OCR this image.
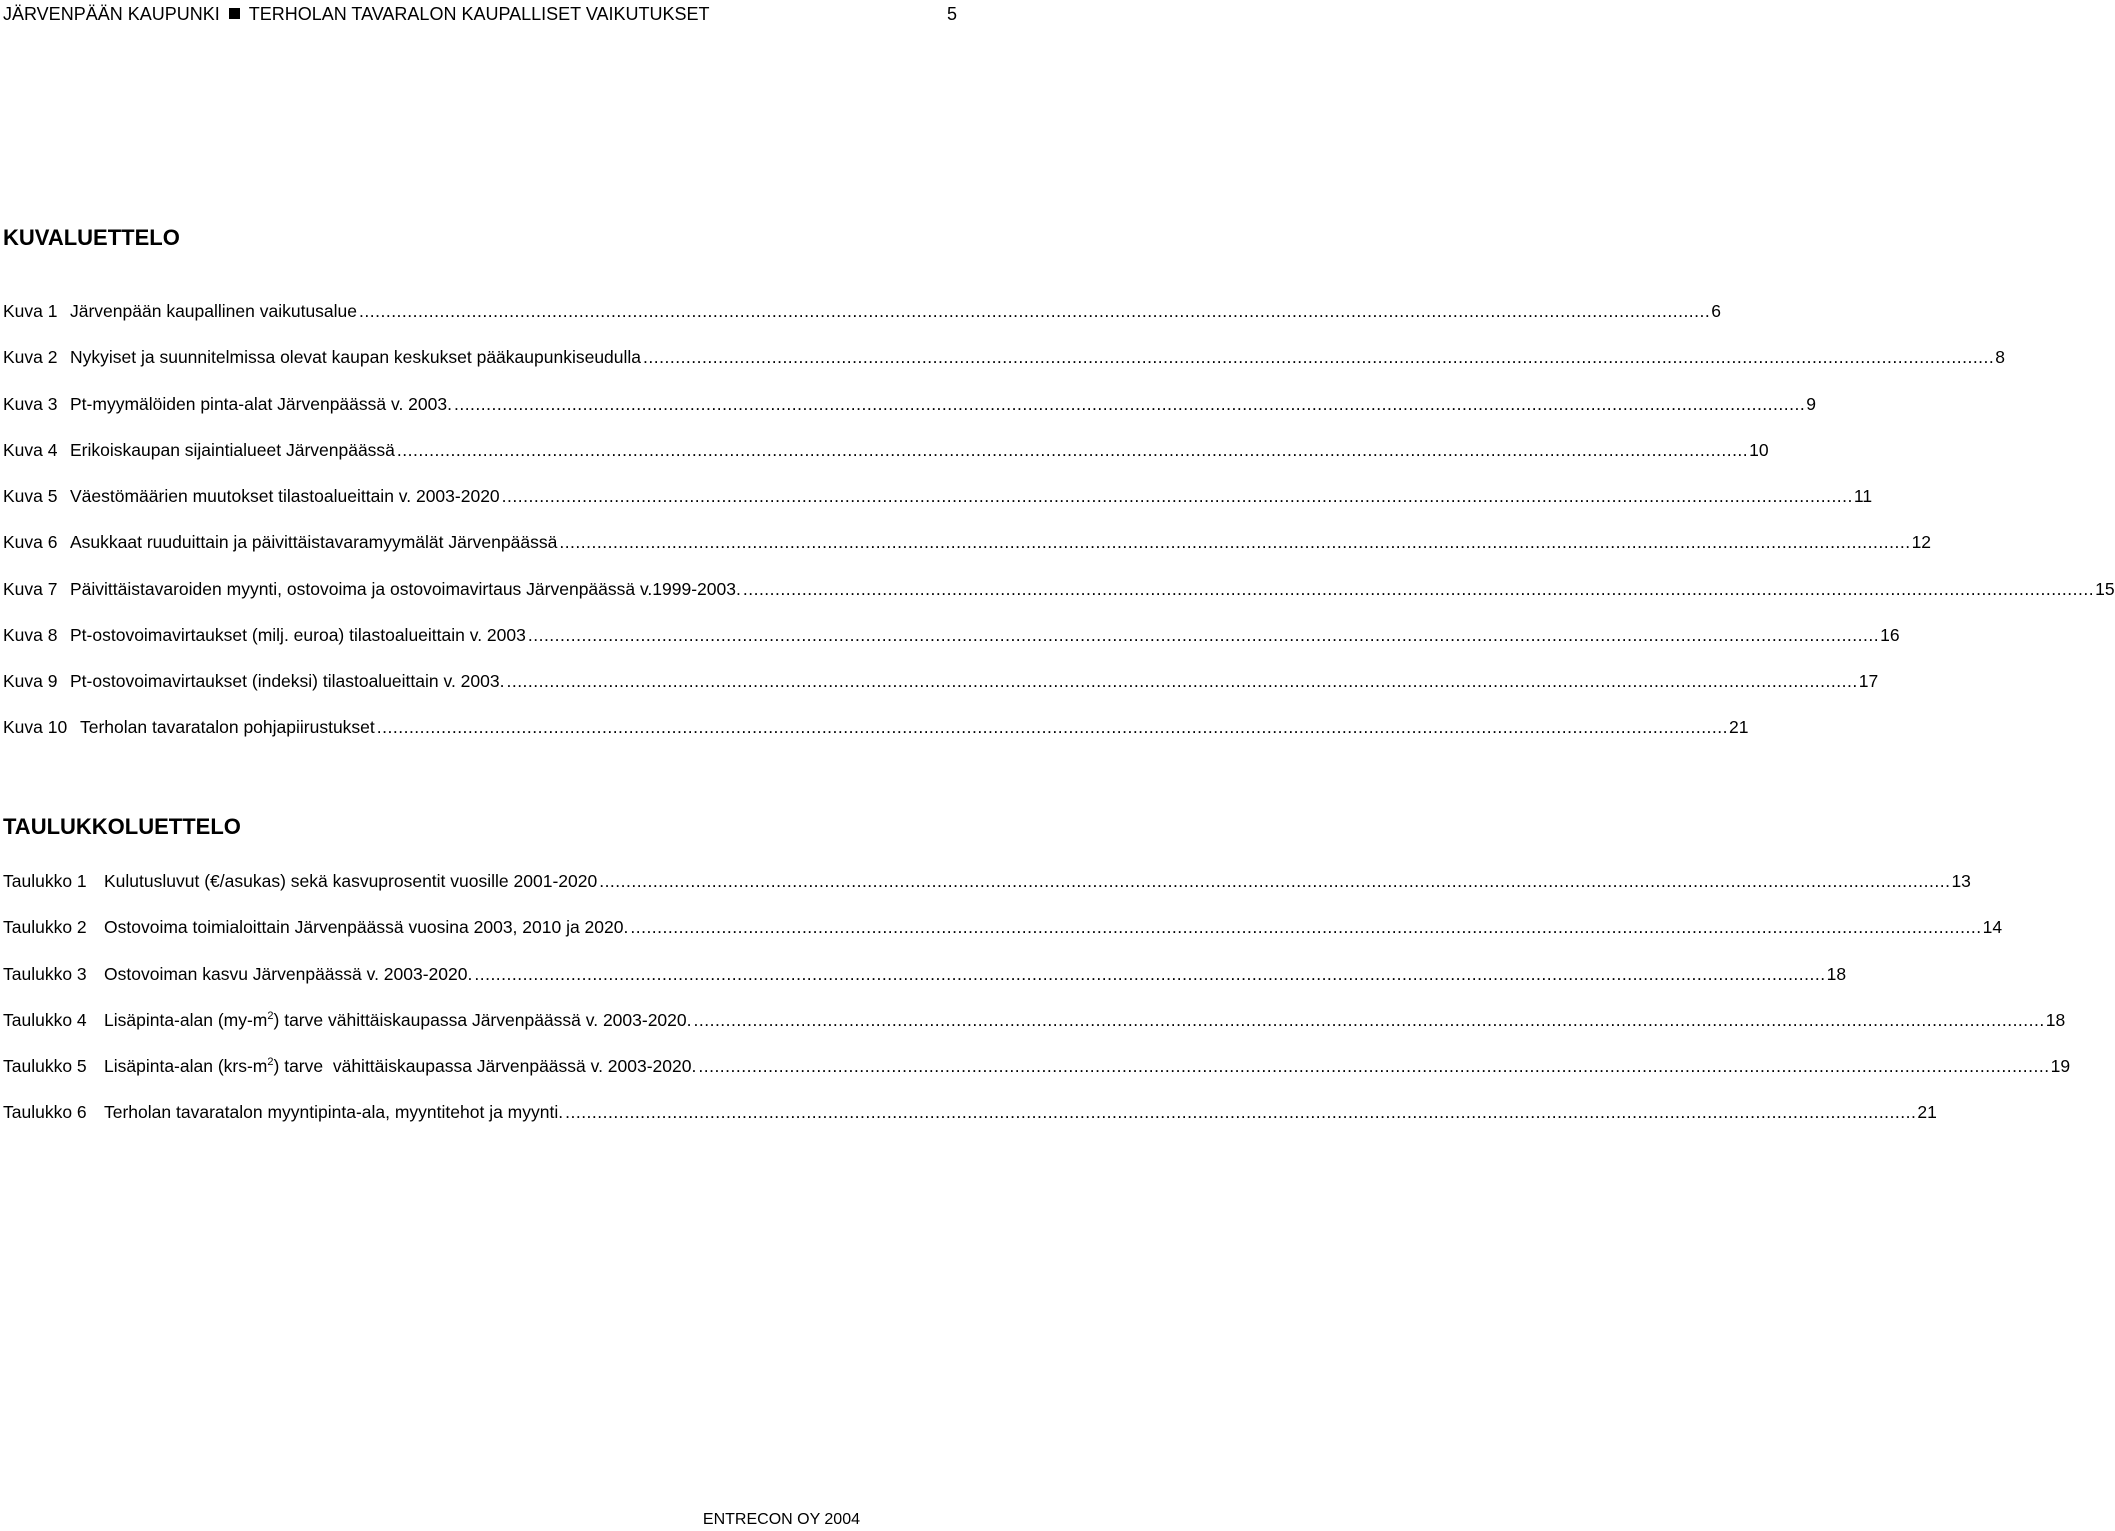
JÄRVENPÄÄN KAUPUNKI TERHOLAN TAVARALON KAUPALLISET VAIKUTUKSET	5
KUVALUETTELO
Kuva 1 Järvenpään kaupallinen vaikutusalue .....	6
Kuva 2 Nykyiset ja suunnitelmissa olevat kaupan keskukset pääkaupunkiseudulla .....	8
Kuva 3 Pt-myymälöiden pinta-alat Järvenpäässä v. 2003. .....	9
Kuva 4 Erikoiskaupan sijaintialueet Järvenpäässä .....	10
Kuva 5 Väestömäärien muutokset tilastoalueittain v. 2003-2020 .....	11
Kuva 6 Asukkaat ruuduittain ja päivittäistavaramyymälät Järvenpäässä .....	12
Kuva 7 Päivittäistavaroiden myynti, ostovoima ja ostovoimavirtaus Järvenpäässä v.1999-2003. .....	15
Kuva 8 Pt-ostovoimavirtaukset (milj. euroa) tilastoalueittain v. 2003 .....	16
Kuva 9 Pt-ostovoimavirtaukset (indeksi) tilastoalueittain v. 2003. .....	17
Kuva 10 Terholan tavaratalon pohjapiirustukset .....	21
TAULUKKOLUETTELO
Taulukko 1 Kulutusluvut (€/asukas) sekä kasvuprosentit vuosille 2001-2020 .....	13
Taulukko 2 Ostovoima toimialoittain Järvenpäässä vuosina 2003, 2010 ja 2020. .....	14
Taulukko 3 Ostovoiman kasvu Järvenpäässä v. 2003-2020. .....	18
Taulukko 4 Lisäpinta-alan $(my-m^2)$ tarve vähittäiskaupassa Järvenpäässä v. 2003-2020. .....	18
Taulukko 5 Lisäpinta-alan $(krs-m^2)$ tarve  vähittäiskaupassa Järvenpäässä v. 2003-2020. .....	19
Taulukko 6 Terholan tavaratalon myyntipinta-ala, myyntitehot ja myynti. .....	21
ENTRECON OY 2004
